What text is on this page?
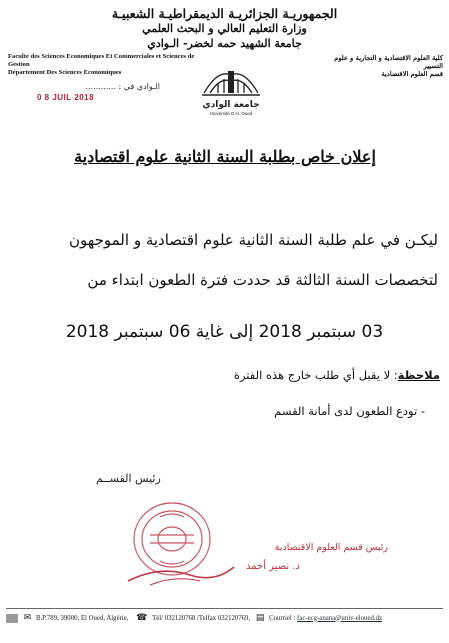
الجمهوريـة الجزائريـة الديمقراطيـة الشعبيـة
وزارة التعليم العالي و البحث العلمي
جامعة الشهيد حمه لخضر- الـوادي
Faculte des Sciences Economiques Et Commerciales et Sciences de Gestion
Département Des Sciences Economiques
كلية العلوم الاقتصادية و التجارية و علوم التسيير
قسم العلوم الاقتصادية
الـوادي في : ............
0 8 JUIL 2018
جامعة الوادي
Université D.H. Oued
إعلان خاص بطلبة السنة الثانية علوم اقتصادية
ليكـن في علم طلبة السنة الثانية علوم اقتصادية و الموجهون
لتخصصات السنة الثالثة قد حددت فترة الطعون ابتداء من
03 سبتمبر 2018 إلى غاية 06 سبتمبر 2018
ملاحظة: لا يقبل أي طلب خارج هذه الفترة
- تودع الطعون لدى أمانة القسم
رئيس القســم
رئيس قسم العلوم الاقتصادية
د. نصير أحمد
✉ B.P.789, 39000, El Oued, Algérie, ☎ Tél/ 032120768 /Telfax 032120769, ▤ Courriel : fac-ecg-anana@univ-eloued.dz
